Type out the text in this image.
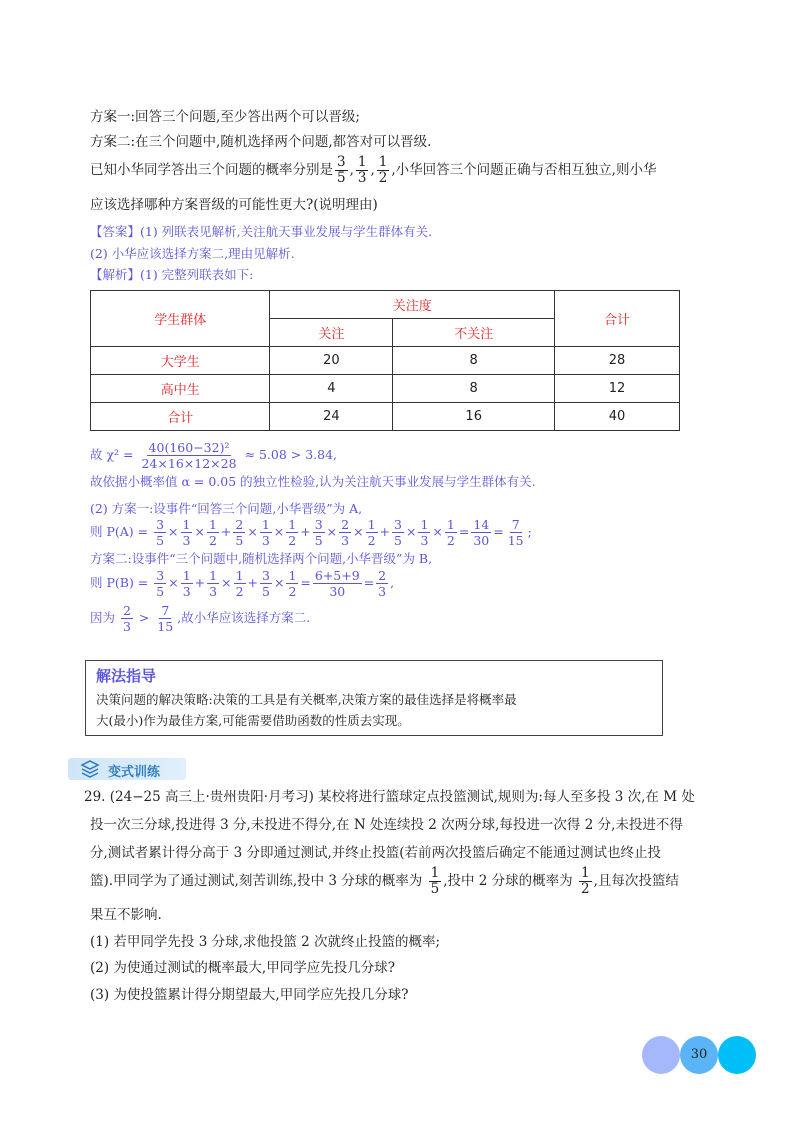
方案一:回答三个问题,至少答出两个可以晋级;
方案二:在三个问题中,随机选择两个问题,都答对可以晋级.
已知小华同学答出三个问题的概率分别是 $\frac{3}{5}$ , $\frac{1}{3}$ , $\frac{1}{2}$ ,小华回答三个问题正确与否相互独立,则小华
应该选择哪种方案晋级的可能性更大?(说明理由)
【答案】(1) 列联表见解析,关注航天事业发展与学生群体有关.
(2) 小华应该选择方案二,理由见解析.
【解析】(1) 完整列联表如下:
学生群体	关注度		合计
	关注	不关注	
大学生	20	8	28
高中生	4	8	12
合计	24	16	40
故 $\chi^2 = \frac{\text{40(160−32)²}}{24\times 16\times 12\times 28} \approx 5.08 > 3.84$,
故依据小概率值 α = 0.05 的独立性检验,认为关注航天事业发展与学生群体有关.
(2) 方案一:设事件“回答三个问题,小华晋级”为 A,
则 $P(A) = \frac{3}{5} \times \frac{1}{3} \times \frac{1}{2} + \frac{2}{5} \times \frac{1}{3} \times \frac{1}{2} + \frac{3}{5} \times \frac{2}{3} \times \frac{1}{2} + \frac{3}{5} \times \frac{1}{3} \times \frac{1}{2} = \frac{14}{30} = \frac{7}{15}$ ;
方案二:设事件“三个问题中,随机选择两个问题,小华晋级”为 B,
则 $P(B) = \frac{3}{5} \times \frac{1}{3} + \frac{1}{3} \times \frac{1}{2} + \frac{3}{5} \times \frac{1}{2} = \frac{6+5+9}{30} = \frac{2}{3}$ ,
因为 $\frac{2}{3} > \frac{7}{15}$ ,故小华应该选择方案二.
解法指导
决策问题的解决策略:决策的工具是有关概率,决策方案的最佳选择是将概率最
大(最小)作为最佳方案,可能需要借助函数的性质去实现。
变式训练
29. (24−25 高三上·贵州贵阳·月考习) 某校将进行篮球定点投篮测试,规则为:每人至多投 3 次,在 M 处
投一次三分球,投进得 3 分,未投进不得分,在 N 处连续投 2 次两分球,每投进一次得 2 分,未投进不得
分,测试者累计得分高于 3 分即通过测试,并终止投篮(若前两次投篮后确定不能通过测试也终止投
篮).甲同学为了通过测试,刻苦训练,投中 3 分球的概率为 $\frac{1}{5}$ ,投中 2 分球的概率为 $\frac{1}{2}$ ,且每次投篮结
果互不影响.
(1) 若甲同学先投 3 分球,求他投篮 2 次就终止投篮的概率;
(2) 为使通过测试的概率最大,甲同学应先投几分球?
(3) 为使投篮累计得分期望最大,甲同学应先投几分球?
30
